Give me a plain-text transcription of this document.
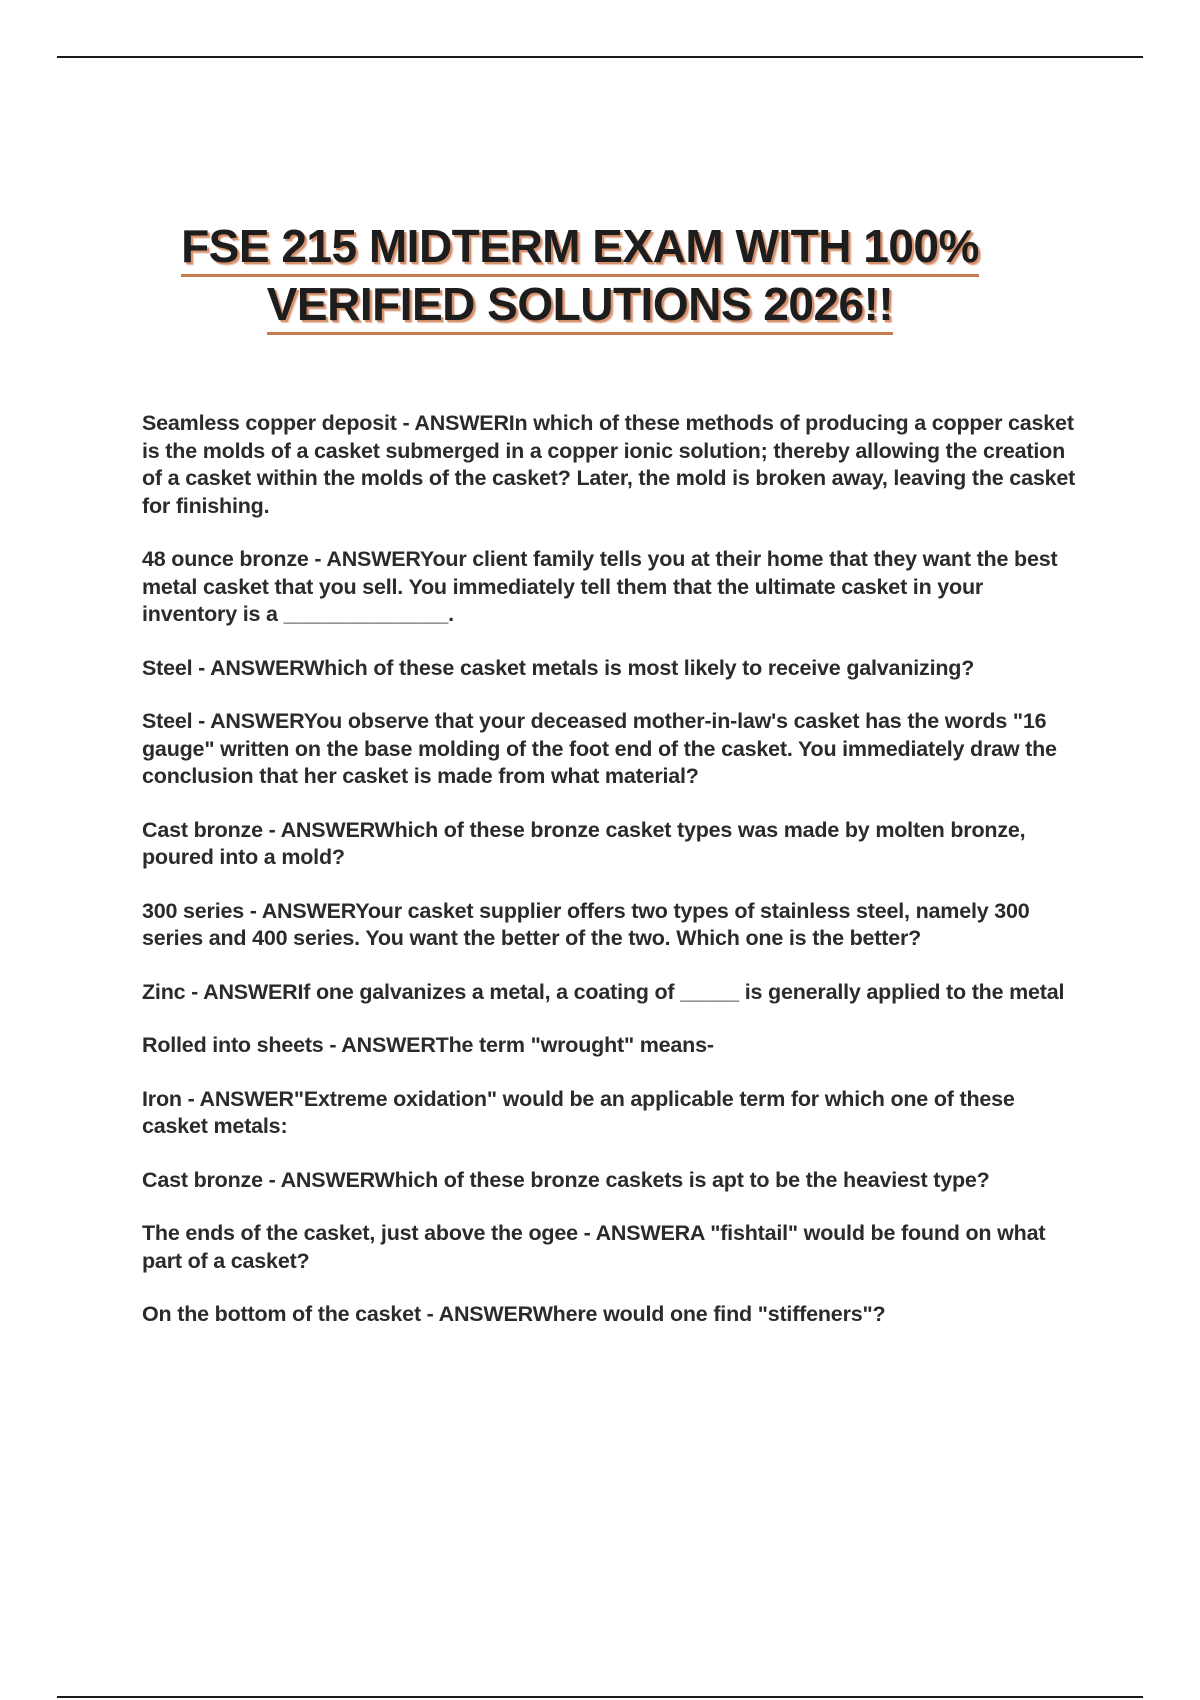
FSE 215 MIDTERM EXAM WITH 100%
VERIFIED SOLUTIONS 2026!!

Seamless copper deposit - ANSWERIn which of these methods of producing a copper casket is the molds of a casket submerged in a copper ionic solution; thereby allowing the creation of a casket within the molds of the casket? Later, the mold is broken away, leaving the casket for finishing.

48 ounce bronze - ANSWERYour client family tells you at their home that they want the best metal casket that you sell. You immediately tell them that the ultimate casket in your inventory is a ______________.

Steel - ANSWERWhich of these casket metals is most likely to receive galvanizing?

Steel - ANSWERYou observe that your deceased mother-in-law's casket has the words "16 gauge" written on the base molding of the foot end of the casket. You immediately draw the conclusion that her casket is made from what material?

Cast bronze - ANSWERWhich of these bronze casket types was made by molten bronze, poured into a mold?

300 series - ANSWERYour casket supplier offers two types of stainless steel, namely 300 series and 400 series. You want the better of the two. Which one is the better?

Zinc - ANSWERIf one galvanizes a metal, a coating of _____ is generally applied to the metal

Rolled into sheets - ANSWERThe term "wrought" means-

Iron - ANSWER"Extreme oxidation" would be an applicable term for which one of these casket metals:

Cast bronze - ANSWERWhich of these bronze caskets is apt to be the heaviest type?

The ends of the casket, just above the ogee - ANSWERA "fishtail" would be found on what part of a casket?

On the bottom of the casket - ANSWERWhere would one find "stiffeners"?
